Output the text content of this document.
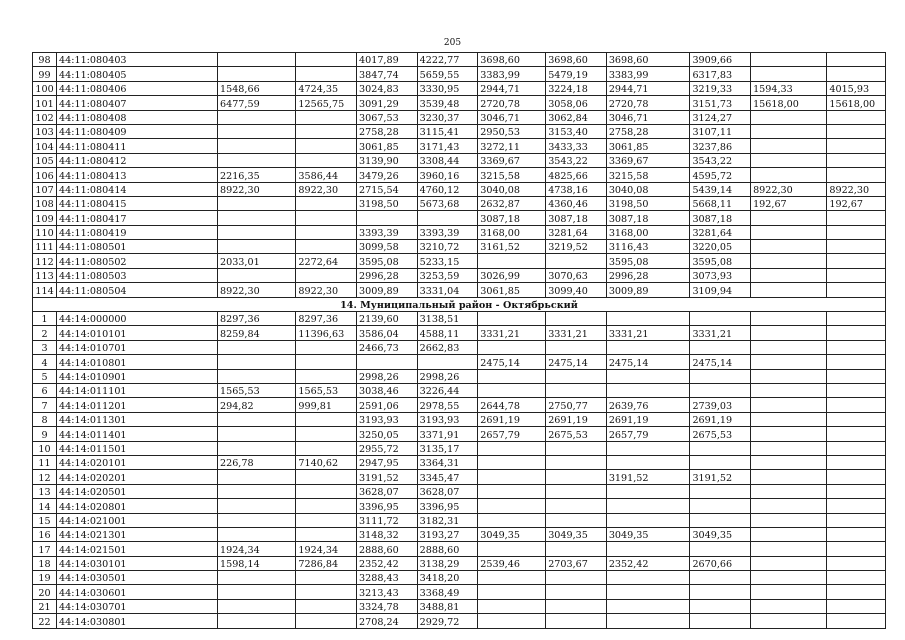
205
98	44:11:080403			4017,89	4222,77	3698,60	3698,60	3698,60	3909,66		
99	44:11:080405			3847,74	5659,55	3383,99	5479,19	3383,99	6317,83		
100	44:11:080406	1548,66	4724,35	3024,83	3330,95	2944,71	3224,18	2944,71	3219,33	1594,33	4015,93
101	44:11:080407	6477,59	12565,75	3091,29	3539,48	2720,78	3058,06	2720,78	3151,73	15618,00	15618,00
102	44:11:080408			3067,53	3230,37	3046,71	3062,84	3046,71	3124,27		
103	44:11:080409			2758,28	3115,41	2950,53	3153,40	2758,28	3107,11		
104	44:11:080411			3061,85	3171,43	3272,11	3433,33	3061,85	3237,86		
105	44:11:080412			3139,90	3308,44	3369,67	3543,22	3369,67	3543,22		
106	44:11:080413	2216,35	3586,44	3479,26	3960,16	3215,58	4825,66	3215,58	4595,72		
107	44:11:080414	8922,30	8922,30	2715,54	4760,12	3040,08	4738,16	3040,08	5439,14	8922,30	8922,30
108	44:11:080415			3198,50	5673,68	2632,87	4360,46	3198,50	5668,11	192,67	192,67
109	44:11:080417					3087,18	3087,18	3087,18	3087,18		
110	44:11:080419			3393,39	3393,39	3168,00	3281,64	3168,00	3281,64		
111	44:11:080501			3099,58	3210,72	3161,52	3219,52	3116,43	3220,05		
112	44:11:080502	2033,01	2272,64	3595,08	5233,15			3595,08	3595,08		
113	44:11:080503			2996,28	3253,59	3026,99	3070,63	2996,28	3073,93		
114	44:11:080504	8922,30	8922,30	3009,89	3331,04	3061,85	3099,40	3009,89	3109,94		
14. Муниципальный район - Октябрьский											
1	44:14:000000	8297,36	8297,36	2139,60	3138,51						
2	44:14:010101	8259,84	11396,63	3586,04	4588,11	3331,21	3331,21	3331,21	3331,21		
3	44:14:010701			2466,73	2662,83						
4	44:14:010801					2475,14	2475,14	2475,14	2475,14		
5	44:14:010901			2998,26	2998,26						
6	44:14:011101	1565,53	1565,53	3038,46	3226,44						
7	44:14:011201	294,82	999,81	2591,06	2978,55	2644,78	2750,77	2639,76	2739,03		
8	44:14:011301			3193,93	3193,93	2691,19	2691,19	2691,19	2691,19		
9	44:14:011401			3250,05	3371,91	2657,79	2675,53	2657,79	2675,53		
10	44:14:011501			2955,72	3135,17						
11	44:14:020101	226,78	7140,62	2947,95	3364,31						
12	44:14:020201			3191,52	3345,47			3191,52	3191,52		
13	44:14:020501			3628,07	3628,07						
14	44:14:020801			3396,95	3396,95						
15	44:14:021001			3111,72	3182,31						
16	44:14:021301			3148,32	3193,27	3049,35	3049,35	3049,35	3049,35		
17	44:14:021501	1924,34	1924,34	2888,60	2888,60						
18	44:14:030101	1598,14	7286,84	2352,42	3138,29	2539,46	2703,67	2352,42	2670,66		
19	44:14:030501			3288,43	3418,20						
20	44:14:030601			3213,43	3368,49						
21	44:14:030701			3324,78	3488,81						
22	44:14:030801			2708,24	2929,72						
